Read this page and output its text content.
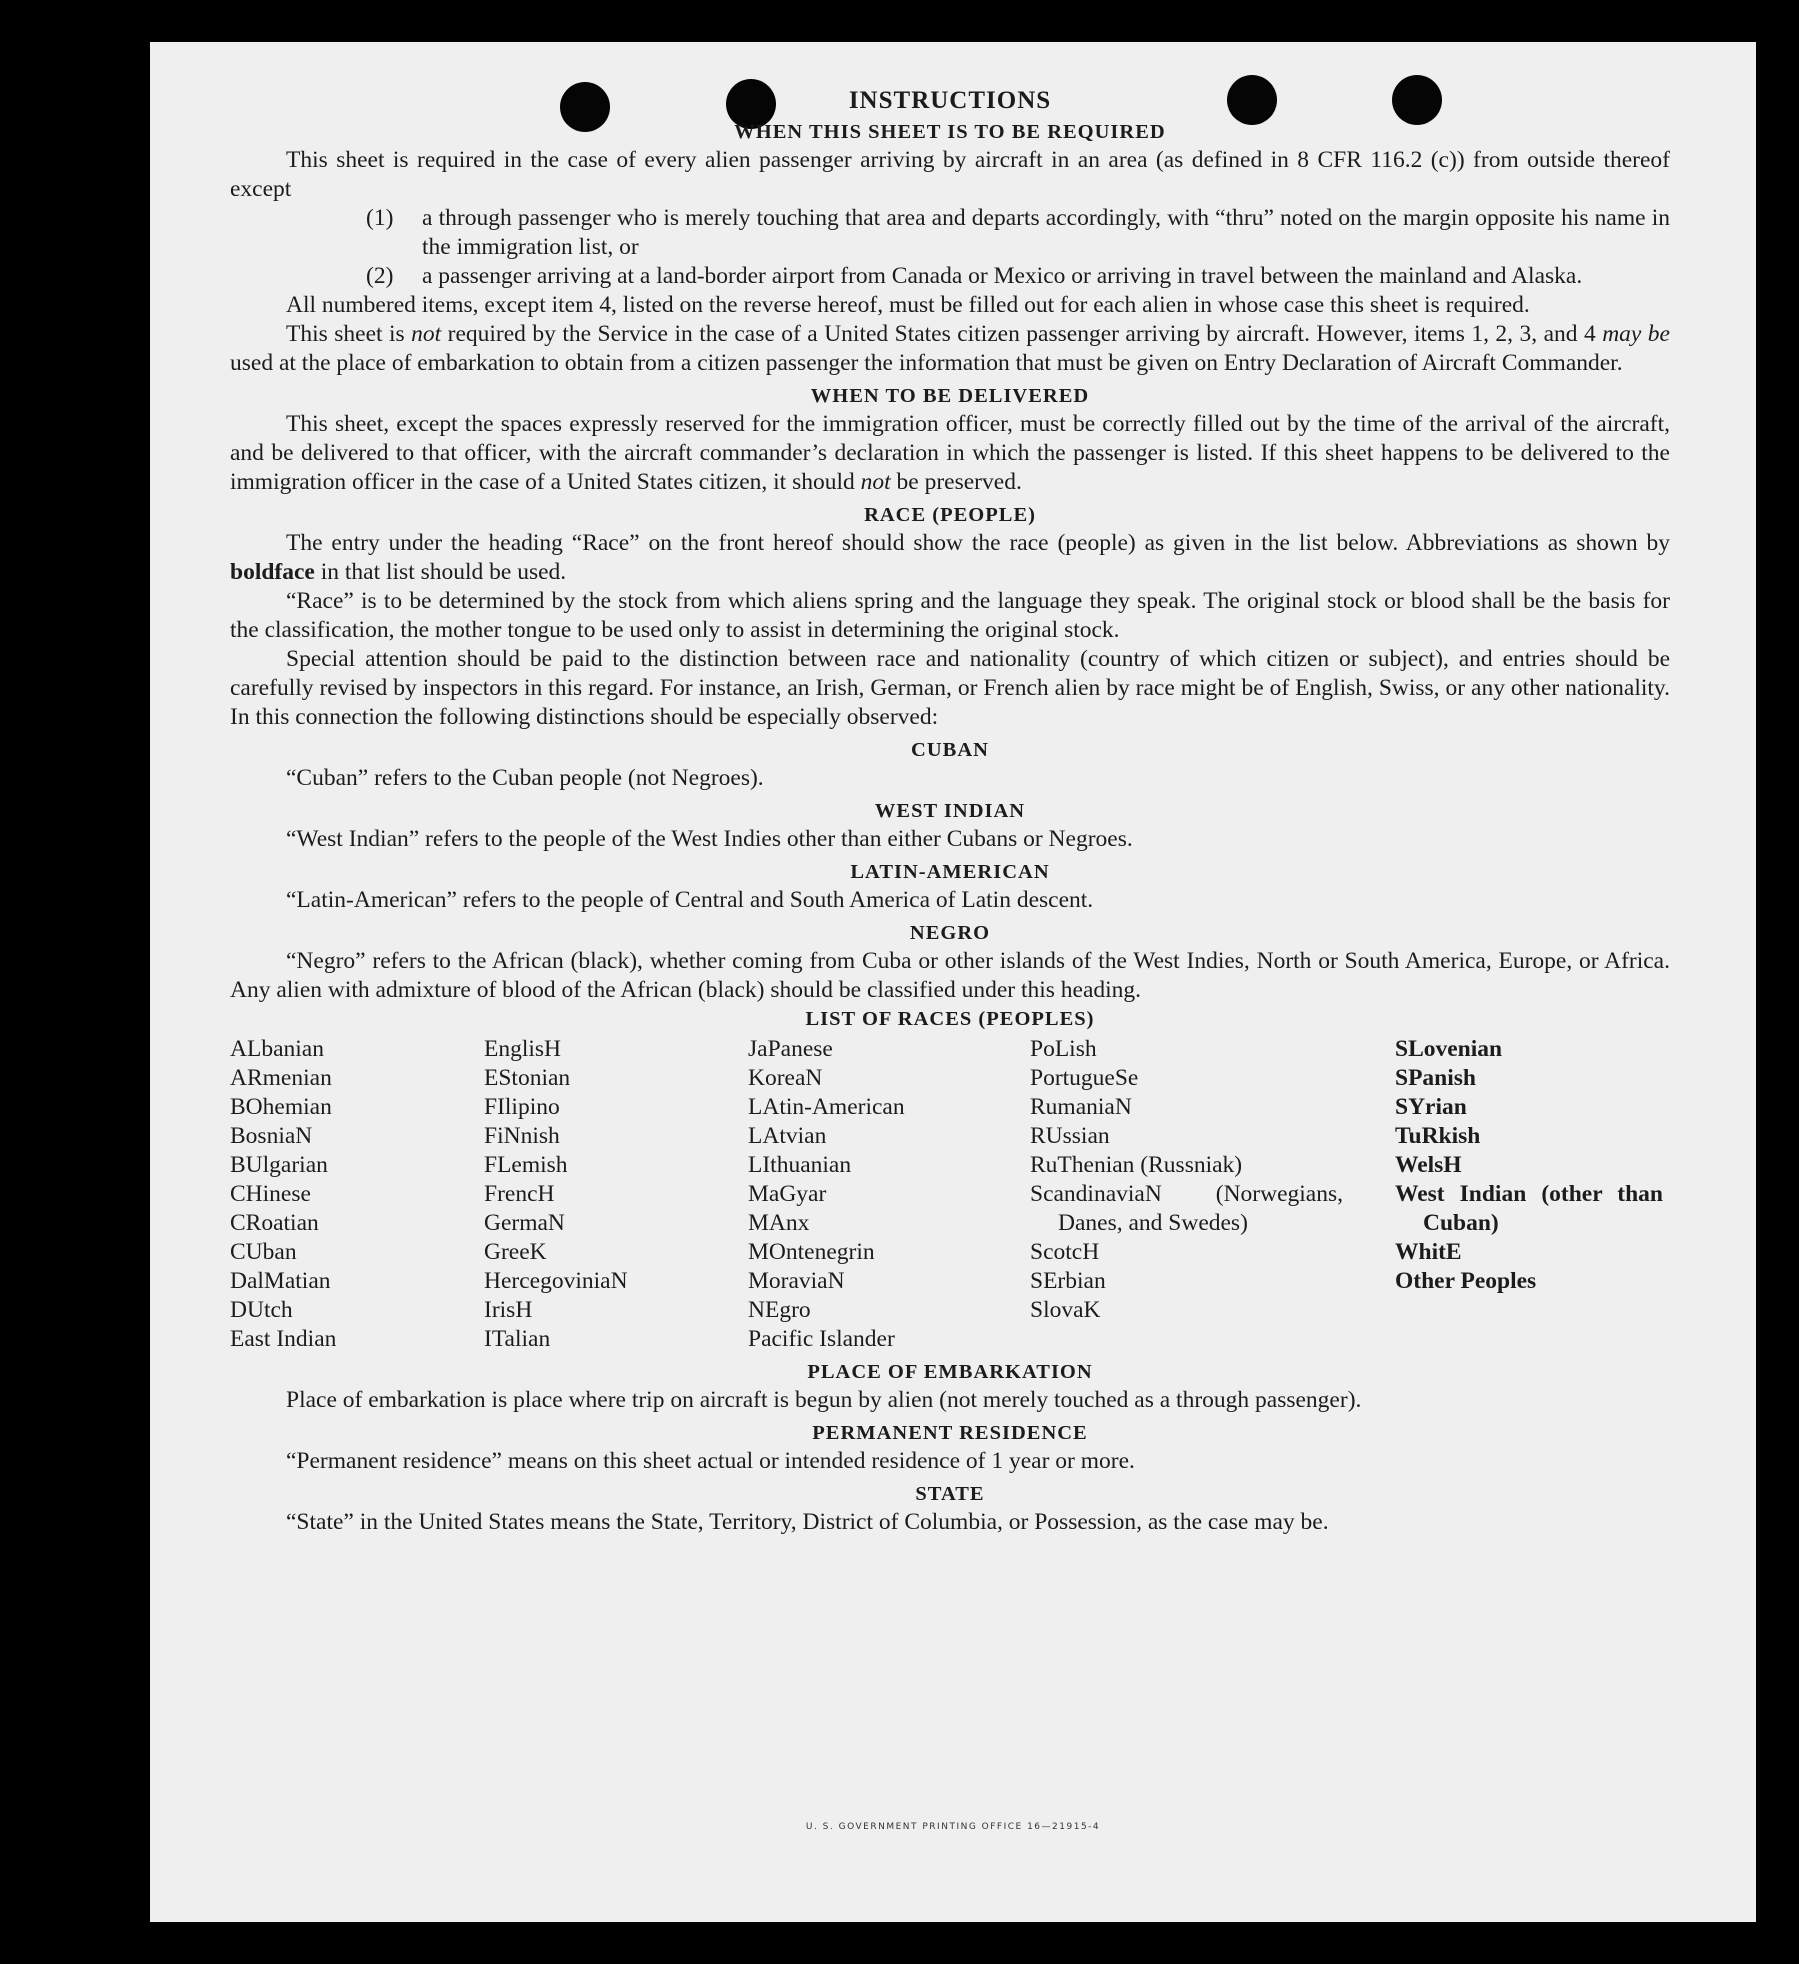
INSTRUCTIONS
WHEN THIS SHEET IS TO BE REQUIRED

This sheet is required in the case of every alien passenger arriving by aircraft in an area (as defined in 8 CFR 116.2 (c)) from outside thereof except

(1) a through passenger who is merely touching that area and departs accordingly, with “thru” noted on the margin opposite his name in the immigration list, or

(2) a passenger arriving at a land-border airport from Canada or Mexico or arriving in travel between the mainland and Alaska.

All numbered items, except item 4, listed on the reverse hereof, must be filled out for each alien in whose case this sheet is required.

This sheet is not required by the Service in the case of a United States citizen passenger arriving by aircraft. However, items 1, 2, 3, and 4 may be used at the place of embarkation to obtain from a citizen passenger the information that must be given on Entry Declaration of Aircraft Commander.

WHEN TO BE DELIVERED

This sheet, except the spaces expressly reserved for the immigration officer, must be correctly filled out by the time of the arrival of the aircraft, and be delivered to that officer, with the aircraft commander’s declaration in which the passenger is listed. If this sheet happens to be delivered to the immigration officer in the case of a United States citizen, it should not be preserved.

RACE (PEOPLE)

The entry under the heading “Race” on the front hereof should show the race (people) as given in the list below. Abbreviations as shown by boldface in that list should be used.

“Race” is to be determined by the stock from which aliens spring and the language they speak. The original stock or blood shall be the basis for the classification, the mother tongue to be used only to assist in determining the original stock.

Special attention should be paid to the distinction between race and nationality (country of which citizen or subject), and entries should be carefully revised by inspectors in this regard. For instance, an Irish, German, or French alien by race might be of English, Swiss, or any other nationality. In this connection the following distinctions should be especially observed:

CUBAN

“Cuban” refers to the Cuban people (not Negroes).

WEST INDIAN

“West Indian” refers to the people of the West Indies other than either Cubans or Negroes.

LATIN-AMERICAN

“Latin-American” refers to the people of Central and South America of Latin descent.

NEGRO

“Negro” refers to the African (black), whether coming from Cuba or other islands of the West Indies, North or South America, Europe, or Africa. Any alien with admixture of blood of the African (black) should be classified under this heading.

LIST OF RACES (PEOPLES)
ALbanian
ARmenian
BOhemian
BosniaN
BUlgarian
CHinese
CRoatian
CUban
DalMatian
DUtch
East Indian
EnglisH
EStonian
FIlipino
FiNnish
FLemish
FrencH
GermaN
GreeK
HercegoviniaN
IrisH
ITalian
JaPanese
KoreaN
LAtin-American
LAtvian
LIthuanian
MaGyar
MAnx
MOntenegrin
MoraviaN
NEgro
Pacific Islander
PoLish
PortugueSe
RumaniaN
RUssian
RuThenian (Russniak)
ScandinaviaN (Norwegians, Danes, and Swedes)
ScotcH
SErbian
SlovaK
SLovenian
SPanish
SYrian
TuRkish
WelsH
West Indian (other than Cuban)
WhitE
Other Peoples
PLACE OF EMBARKATION

Place of embarkation is place where trip on aircraft is begun by alien (not merely touched as a through passenger).

PERMANENT RESIDENCE

“Permanent residence” means on this sheet actual or intended residence of 1 year or more.

STATE

“State” in the United States means the State, Territory, District of Columbia, or Possession, as the case may be.

U. S. GOVERNMENT PRINTING OFFICE 16—21915-4
